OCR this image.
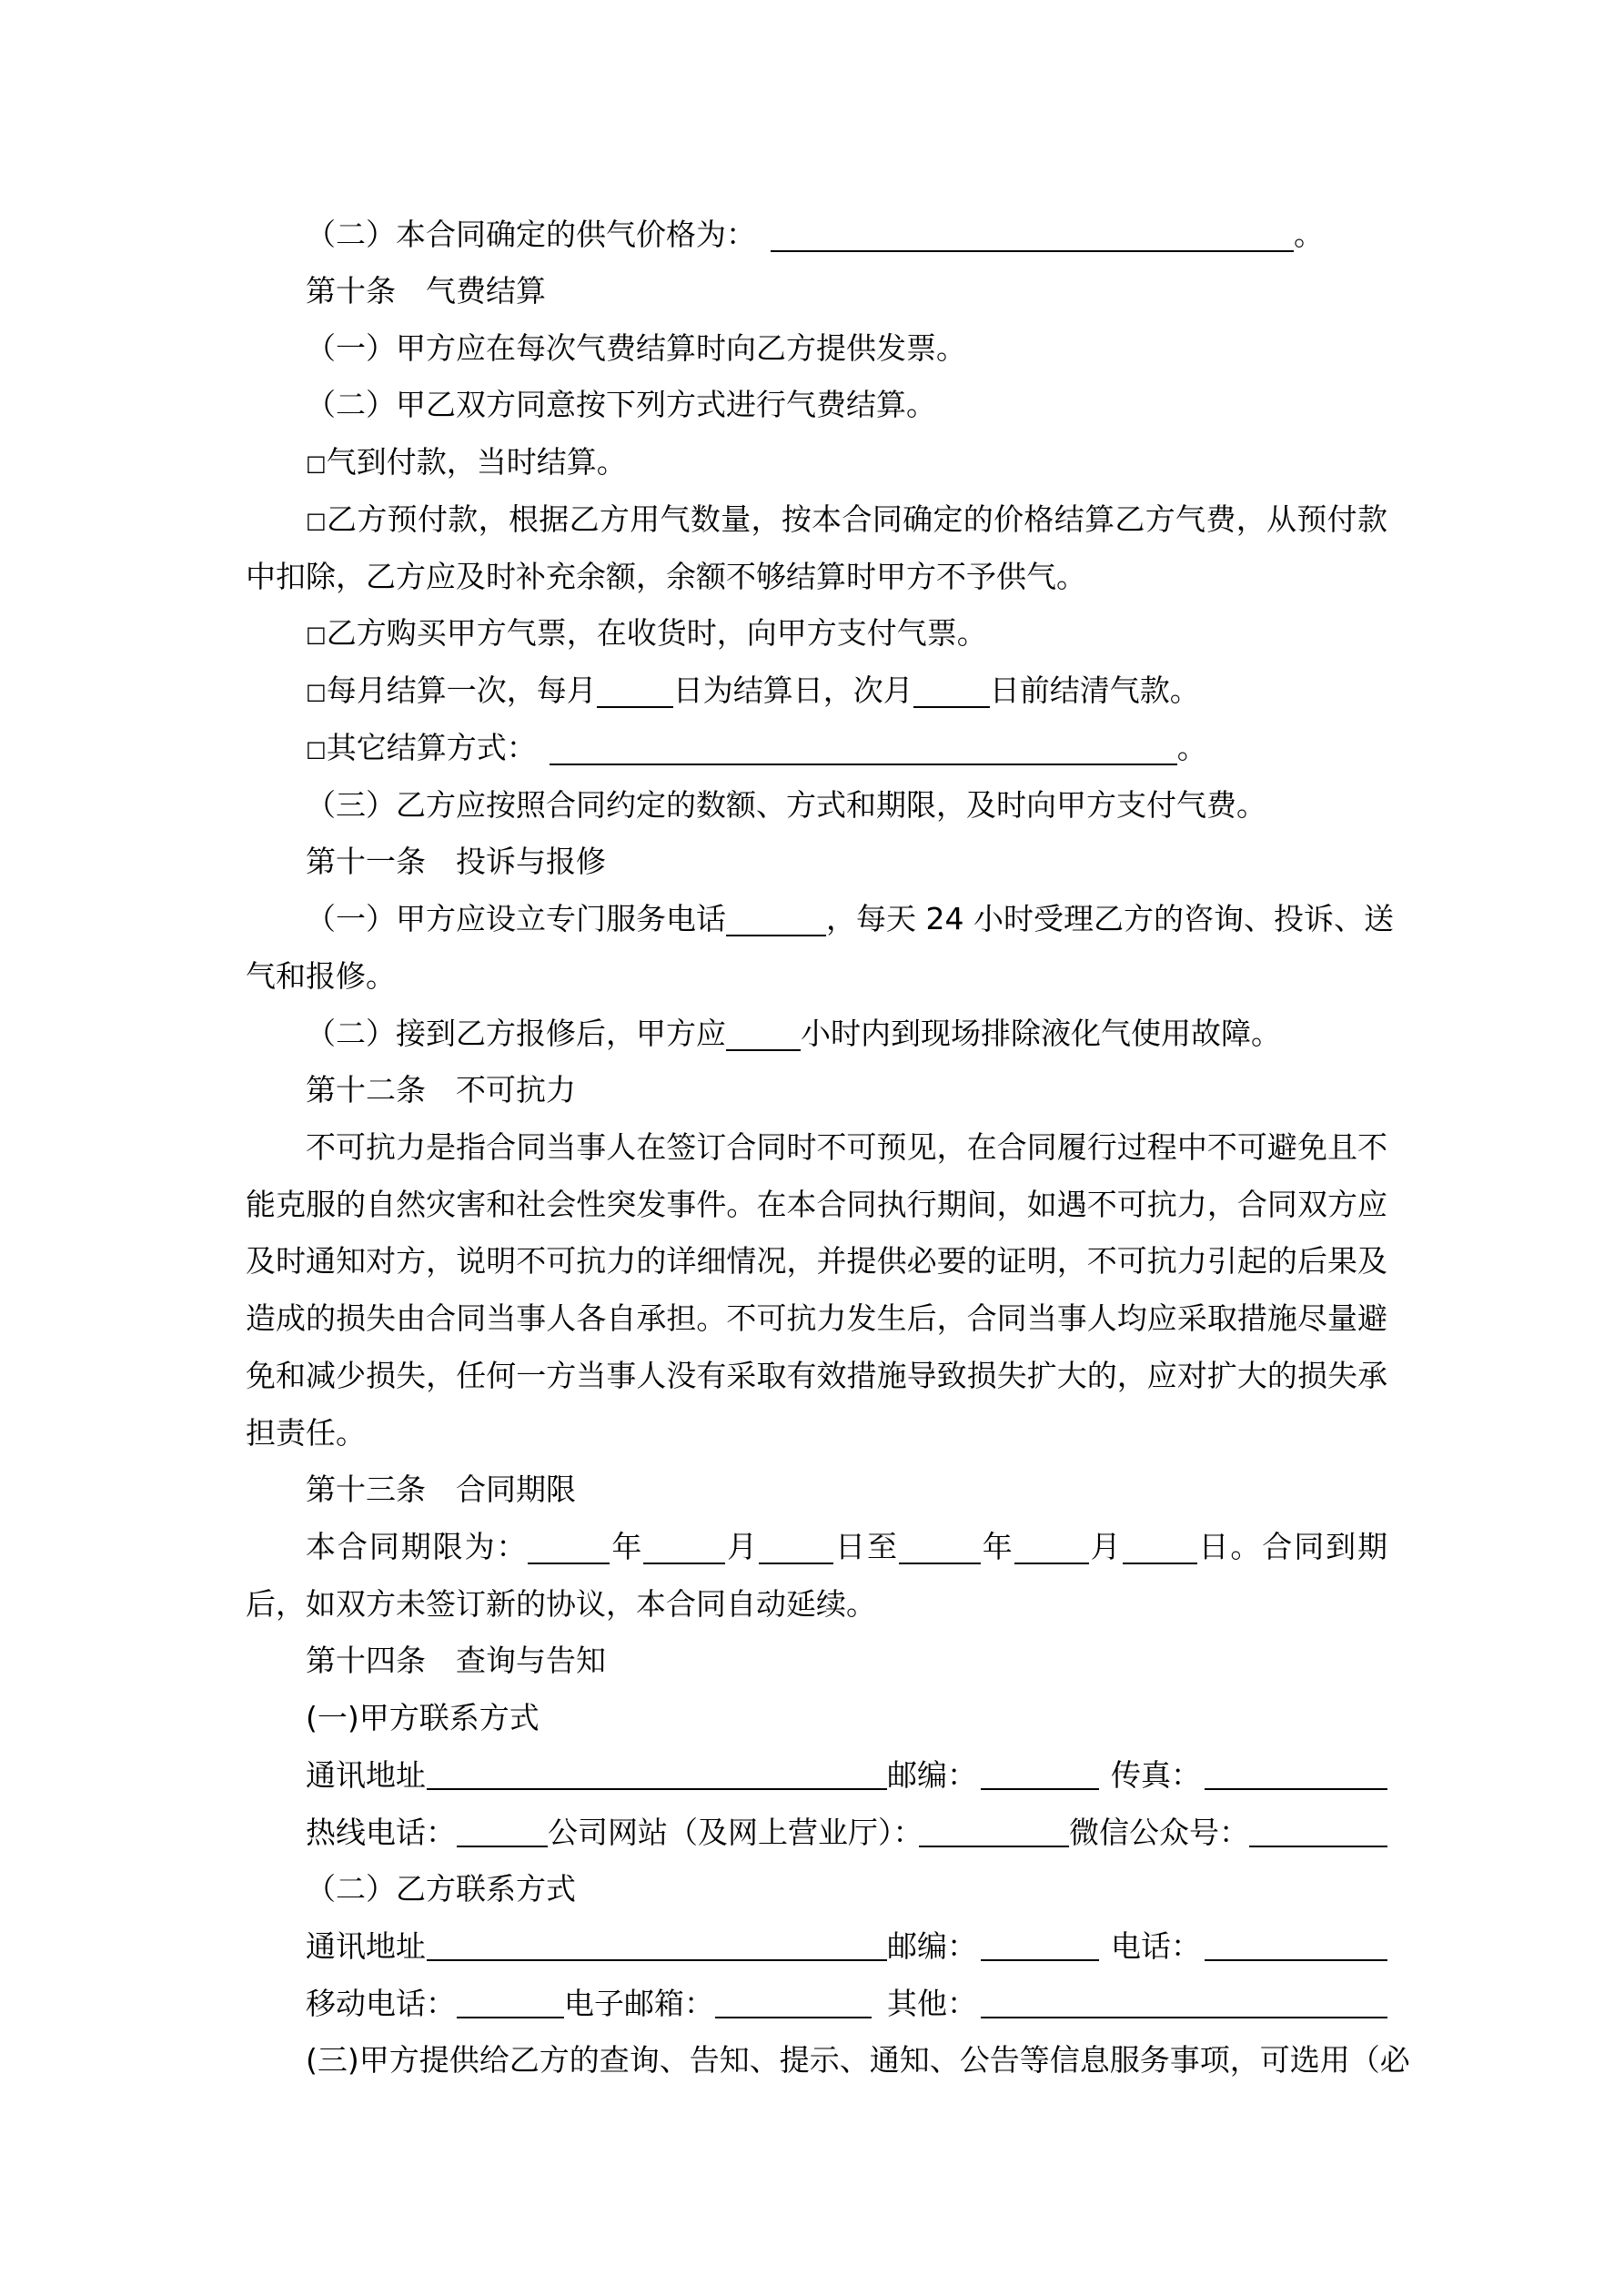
（二）本合同确定的供气价格为：	。
第十条　气费结算
（一）甲方应在每次气费结算时向乙方提供发票。
（二）甲乙双方同意按下列方式进行气费结算。
□气到付款，当时结算。
□乙方预付款，根据乙方用气数量，按本合同确定的价格结算乙方气费，从预付款
中扣除，乙方应及时补充余额，余额不够结算时甲方不予供气。
□乙方购买甲方气票，在收货时，向甲方支付气票。
□每月结算一次，每月	日为结算日，次月	日前结清气款。
□其它结算方式：	。
（三）乙方应按照合同约定的数额、方式和期限，及时向甲方支付气费。
第十一条　投诉与报修
（一）甲方应设立专门服务电话	，每天 24 小时受理乙方的咨询、投诉、送
气和报修。
（二）接到乙方报修后，甲方应 小时内到现场排除液化气使用故障。
第十二条　不可抗力
不可抗力是指合同当事人在签订合同时不可预见，在合同履行过程中不可避免且不
能克服的自然灾害和社会性突发事件。在本合同执行期间，如遇不可抗力，合同双方应
及时通知对方，说明不可抗力的详细情况，并提供必要的证明，不可抗力引起的后果及
造成的损失由合同当事人各自承担。不可抗力发生后，合同当事人均应采取措施尽量避
免和减少损失，任何一方当事人没有采取有效措施导致损失扩大的，应对扩大的损失承
担责任。
第十三条　合同期限
本合同期限为：	年	月 日至	年 月 日。合同到期
后，如双方未签订新的协议，本合同自动延续。
第十四条　查询与告知
(一)甲方联系方式
通讯地址	邮编：	传真：
热线电话：	公司网站（及网上营业厅）：	微信公众号：
（二）乙方联系方式
通讯地址	邮编：	电话：
移动电话：	电子邮箱：	其他：
(三)甲方提供给乙方的查询、告知、提示、通知、公告等信息服务事项，可选用（必
